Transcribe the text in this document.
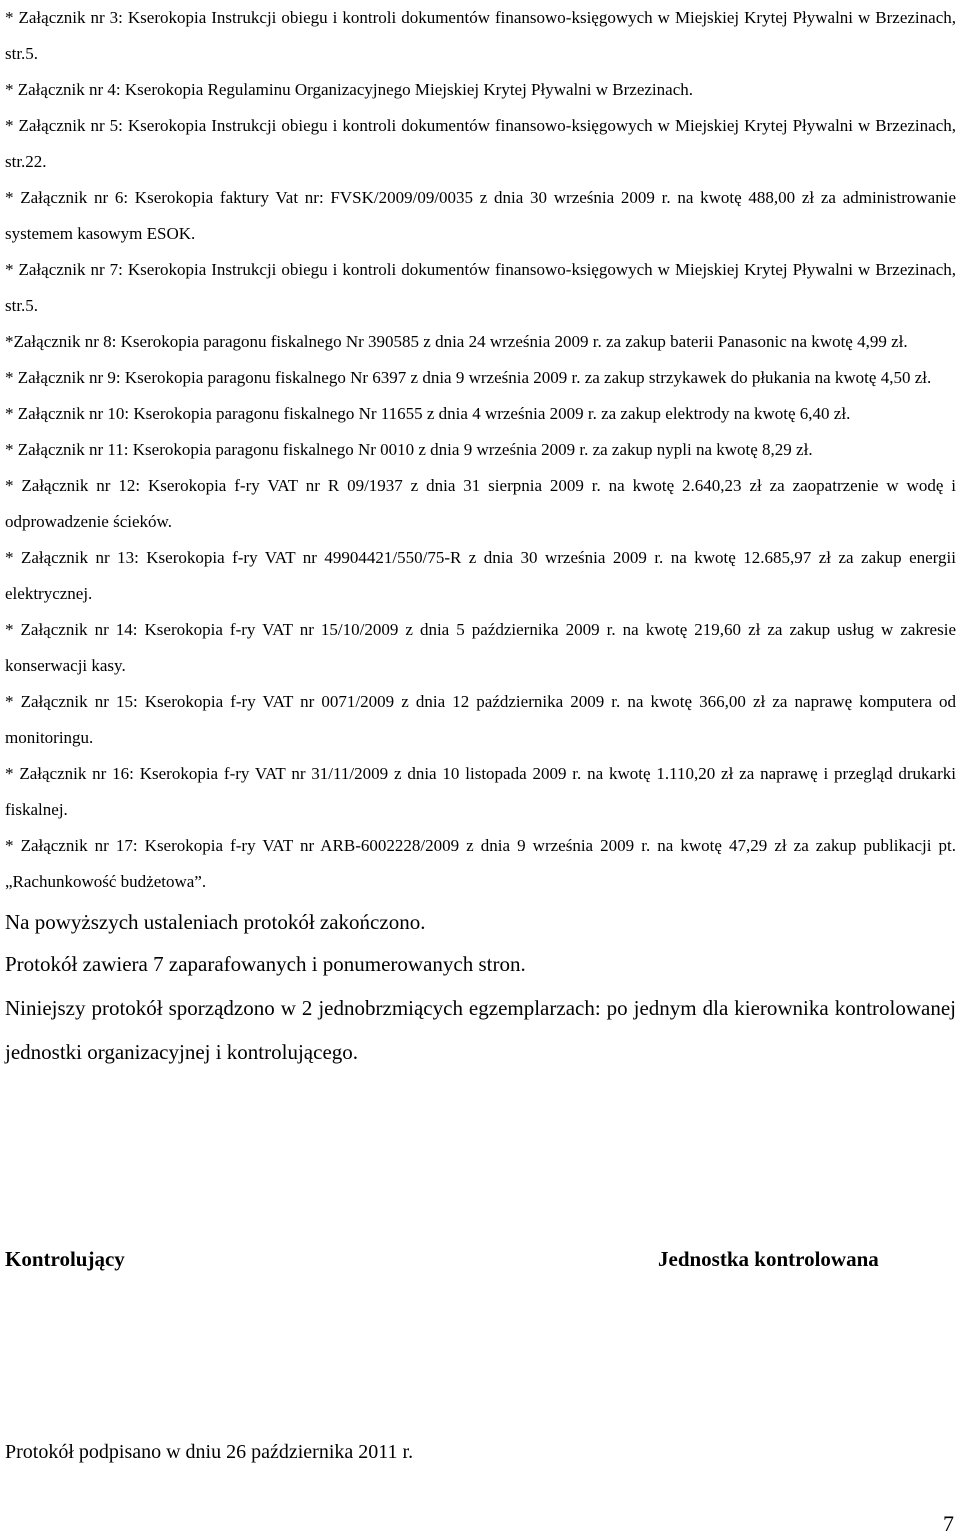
* Załącznik nr 3: Kserokopia Instrukcji obiegu i kontroli dokumentów finansowo-księgowych w Miejskiej Krytej Pływalni w Brzezinach, str.5.

* Załącznik nr 4: Kserokopia Regulaminu Organizacyjnego Miejskiej Krytej Pływalni w Brzezinach.

* Załącznik nr 5: Kserokopia Instrukcji obiegu i kontroli dokumentów finansowo-księgowych w Miejskiej Krytej Pływalni w Brzezinach, str.22.

* Załącznik nr 6: Kserokopia faktury Vat nr: FVSK/2009/09/0035 z dnia 30 września 2009 r. na kwotę 488,00 zł za administrowanie systemem kasowym ESOK.

* Załącznik nr 7: Kserokopia Instrukcji obiegu i kontroli dokumentów finansowo-księgowych w Miejskiej Krytej Pływalni w Brzezinach, str.5.

*Załącznik nr 8: Kserokopia paragonu fiskalnego Nr 390585 z dnia 24 września 2009 r. za zakup baterii Panasonic na kwotę 4,99 zł.

* Załącznik nr 9: Kserokopia paragonu fiskalnego Nr 6397 z dnia 9 września 2009 r. za zakup strzykawek do płukania na kwotę 4,50 zł.

* Załącznik nr 10: Kserokopia paragonu fiskalnego Nr 11655 z dnia 4 września 2009 r. za zakup elektrody na kwotę 6,40 zł.

* Załącznik nr 11: Kserokopia paragonu fiskalnego Nr 0010 z dnia 9 września 2009 r. za zakup nypli na kwotę 8,29 zł.

* Załącznik nr 12: Kserokopia f-ry VAT nr R 09/1937 z dnia 31 sierpnia 2009 r. na kwotę 2.640,23 zł za zaopatrzenie w wodę i odprowadzenie ścieków.

* Załącznik nr 13: Kserokopia f-ry VAT nr 49904421/550/75-R z dnia 30 września 2009 r. na kwotę 12.685,97 zł za zakup energii elektrycznej.

* Załącznik nr 14: Kserokopia f-ry VAT nr 15/10/2009 z dnia 5 października 2009 r. na kwotę 219,60 zł za zakup usług w zakresie konserwacji kasy.

* Załącznik nr 15: Kserokopia f-ry VAT nr 0071/2009 z dnia 12 października 2009 r. na kwotę 366,00 zł za naprawę komputera od monitoringu.

* Załącznik nr 16: Kserokopia f-ry VAT nr 31/11/2009 z dnia 10 listopada 2009 r. na kwotę 1.110,20 zł za naprawę i przegląd drukarki fiskalnej.

* Załącznik nr 17: Kserokopia f-ry VAT nr ARB-6002228/2009 z dnia 9 września 2009 r. na kwotę 47,29 zł za zakup publikacji pt. „Rachunkowość budżetowa”.

Na powyższych ustaleniach protokół zakończono.

Protokół zawiera 7 zaparafowanych i ponumerowanych stron.

Niniejszy protokół sporządzono w 2 jednobrzmiących egzemplarzach: po jednym dla kierownika kontrolowanej jednostki organizacyjnej i kontrolującego.

Kontrolujący	Jednostka kontrolowana
Protokół podpisano w dniu 26 października 2011 r.
7
